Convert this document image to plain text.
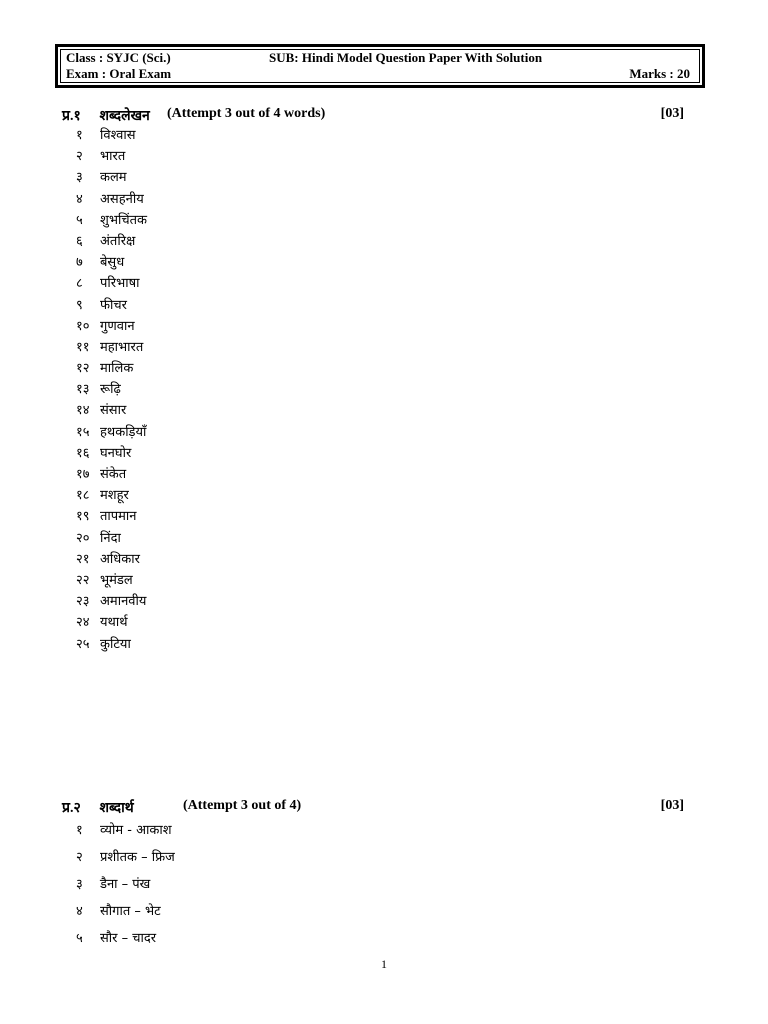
Class : SYJC (Sci.)	SUB: Hindi Model Question Paper With Solution
Exam : Oral Exam	Marks : 20
प्र.१ शब्दलेखन (Attempt 3 out of 4 words)	[03]
१ विश्वास
२ भारत
३ कलम
४ असहनीय
५ शुभचिंतक
६ अंतरिक्ष
७ बेसुध
८ परिभाषा
९ फीचर
१० गुणवान
११ महाभारत
१२ मालिक
१३ रूढ़ि
१४ संसार
१५ हथकड़ियाँ
१६ घनघोर
१७ संकेत
१८ मशहूर
१९ तापमान
२० निंदा
२१ अधिकार
२२ भूमंडल
२३ अमानवीय
२४ यथार्थ
२५ कुटिया
प्र.२ शब्दार्थ	(Attempt 3 out of 4)	[03]
१ व्योम - आकाश
२ प्रशीतक – फ्रिज
३ डैना – पंख
४ सौगात – भेट
५ सौर – चादर
1
